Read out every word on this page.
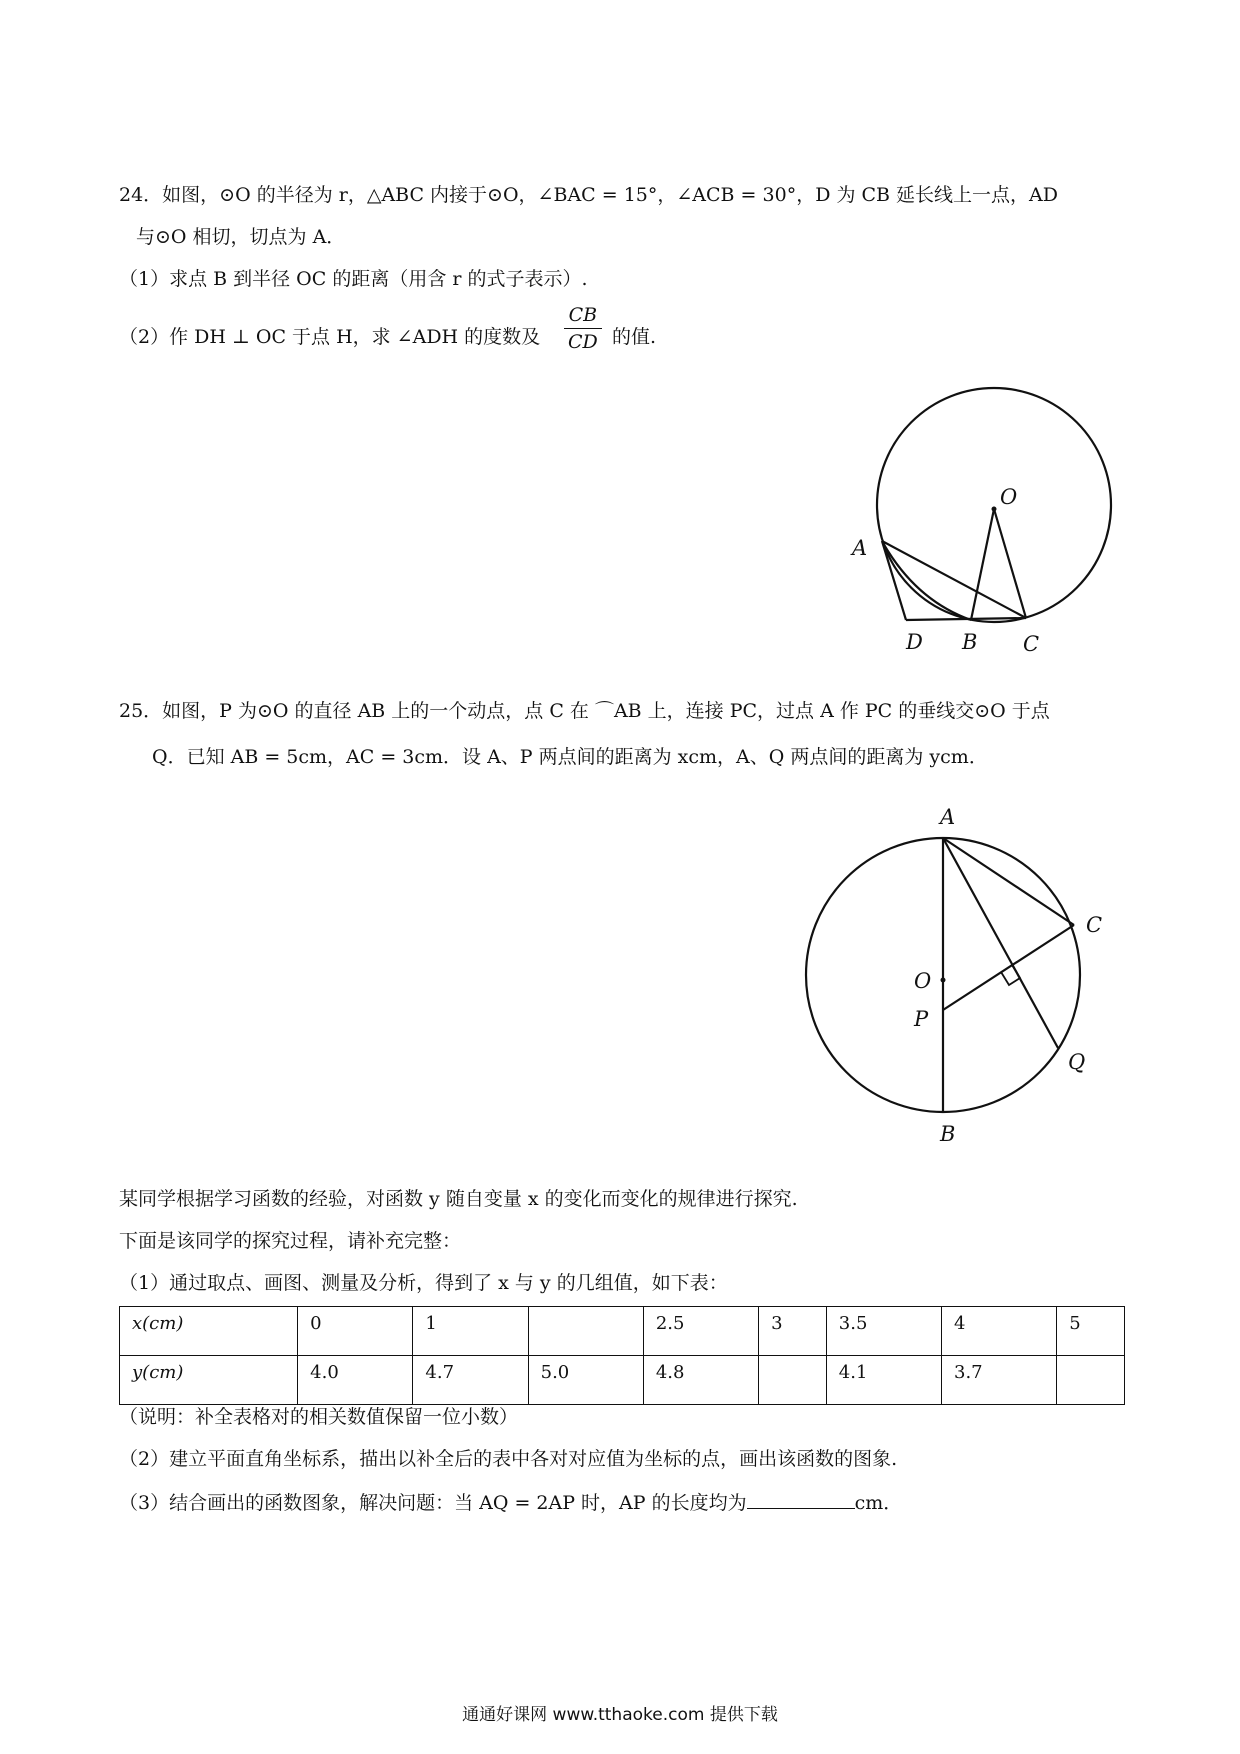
24．如图，⊙O 的半径为 r，△ABC 内接于⊙O，∠BAC = 15°，∠ACB = 30°，D 为 CB 延长线上一点，AD
与⊙O 相切，切点为 A．
（1）求点 B 到半径 OC 的距离（用含 r 的式子表示）.
（2）作 DH ⊥ OC 于点 H，求 ∠ADH 的度数及
CB
CD 的值.
O
A
D B C
25．如图，P 为⊙O 的直径 AB 上的一个动点，点 C 在 ⌒AB 上，连接 PC，过点 A 作 PC 的垂线交⊙O 于点
Q．已知 AB = 5cm，AC = 3cm．设 A、P 两点间的距离为 xcm，A、Q 两点间的距离为 ycm．
A
C
O
P
Q
B
某同学根据学习函数的经验，对函数 y 随自变量 x 的变化而变化的规律进行探究.
下面是该同学的探究过程，请补充完整：
（1）通过取点、画图、测量及分析，得到了 x 与 y 的几组值，如下表：
x(cm)	0	1		2.5	3	3.5	4	5
y(cm)	4.0	4.7	5.0	4.8		4.1	3.7	
（说明：补全表格对的相关数值保留一位小数）
（2）建立平面直角坐标系，描出以补全后的表中各对对应值为坐标的点，画出该函数的图象.
（3）结合画出的函数图象，解决问题：当 AQ = 2AP 时，AP 的长度均为	cm．
通通好课网 www.tthaoke.com 提供下载
